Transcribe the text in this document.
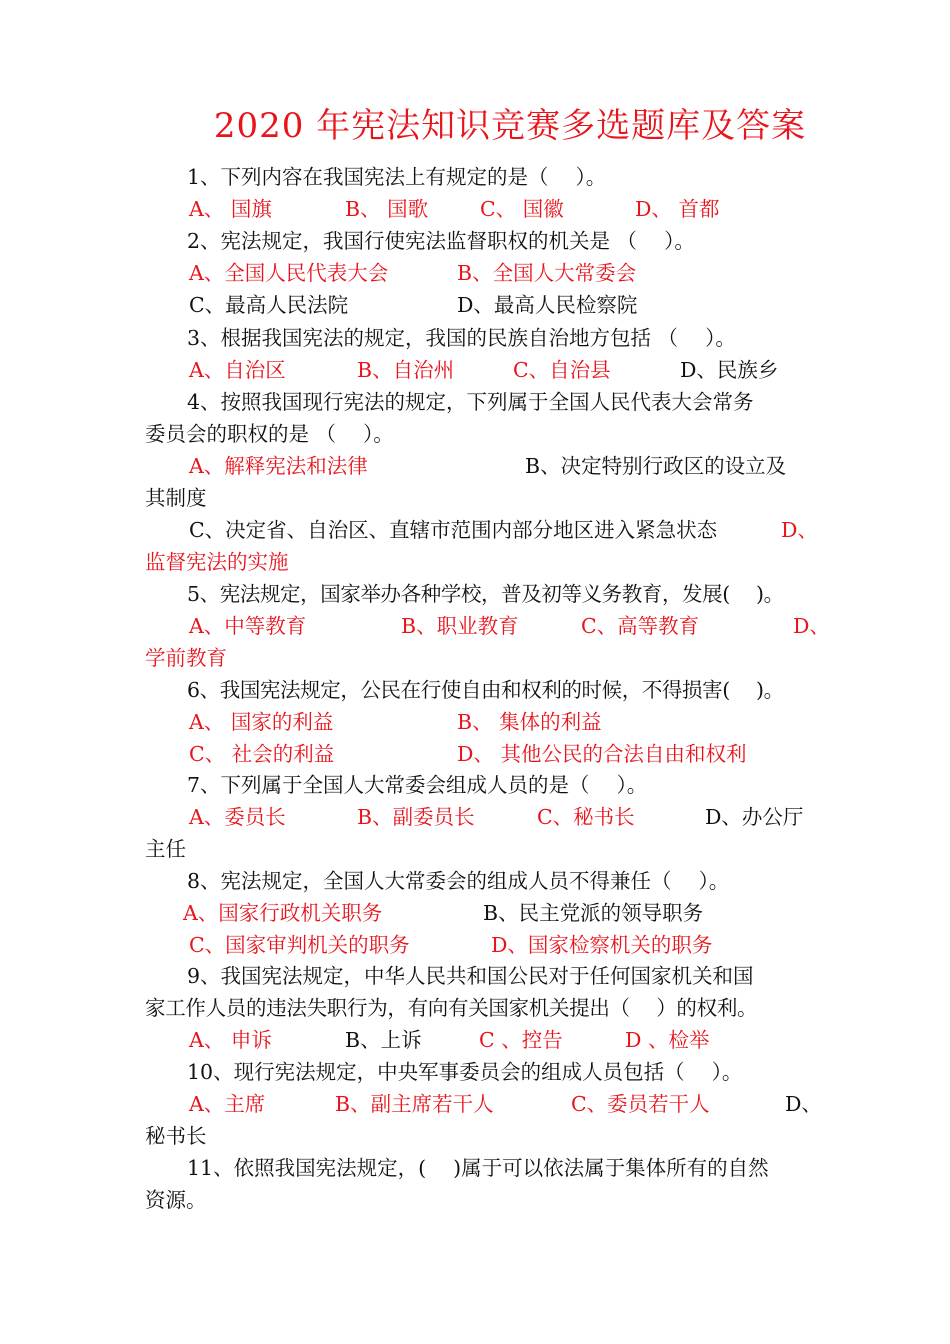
2020 年宪法知识竞赛多选题库及答案
1、下列内容在我国宪法上有规定的是（　 ）。
A、 国旗	B、 国歌	C、 国徽	D、 首都
2、宪法规定，我国行使宪法监督职权的机关是 （　 ）。
A、全国人民代表大会	B、全国人大常委会
C、最高人民法院	D、最高人民检察院
3、根据我国宪法的规定，我国的民族自治地方包括 （　 ）。
A、自治区	B、自治州	C、自治县	D、民族乡
4、按照我国现行宪法的规定，下列属于全国人民代表大会常务
委员会的职权的是 （　 ）。
A、解释宪法和法律	B、决定特别行政区的设立及
其制度
C、决定省、自治区、直辖市范围内部分地区进入紧急状态	D、
监督宪法的实施
5、宪法规定，国家举办各种学校，普及初等义务教育，发展(　 )。
A、中等教育	B、职业教育	C、高等教育	D、
学前教育
6、我国宪法规定，公民在行使自由和权利的时候，不得损害(　 )。
A、 国家的利益	B、 集体的利益
C、 社会的利益	D、 其他公民的合法自由和权利
7、下列属于全国人大常委会组成人员的是（　 ）。
A、委员长	B、副委员长	C、秘书长	D、办公厅
主任
8、宪法规定，全国人大常委会的组成人员不得兼任（　 ）。
A、国家行政机关职务	B、民主党派的领导职务
C、国家审判机关的职务	D、国家检察机关的职务
9、我国宪法规定，中华人民共和国公民对于任何国家机关和国
家工作人员的违法失职行为，有向有关国家机关提出（　 ）的权利。
A、 申诉	B、上诉	C 、控告	D 、检举
10、现行宪法规定，中央军事委员会的组成人员包括（　 ）。
A、主席	B、副主席若干人	C、委员若干人	D、
秘书长
11、依照我国宪法规定，( 　)属于可以依法属于集体所有的自然
资源。
